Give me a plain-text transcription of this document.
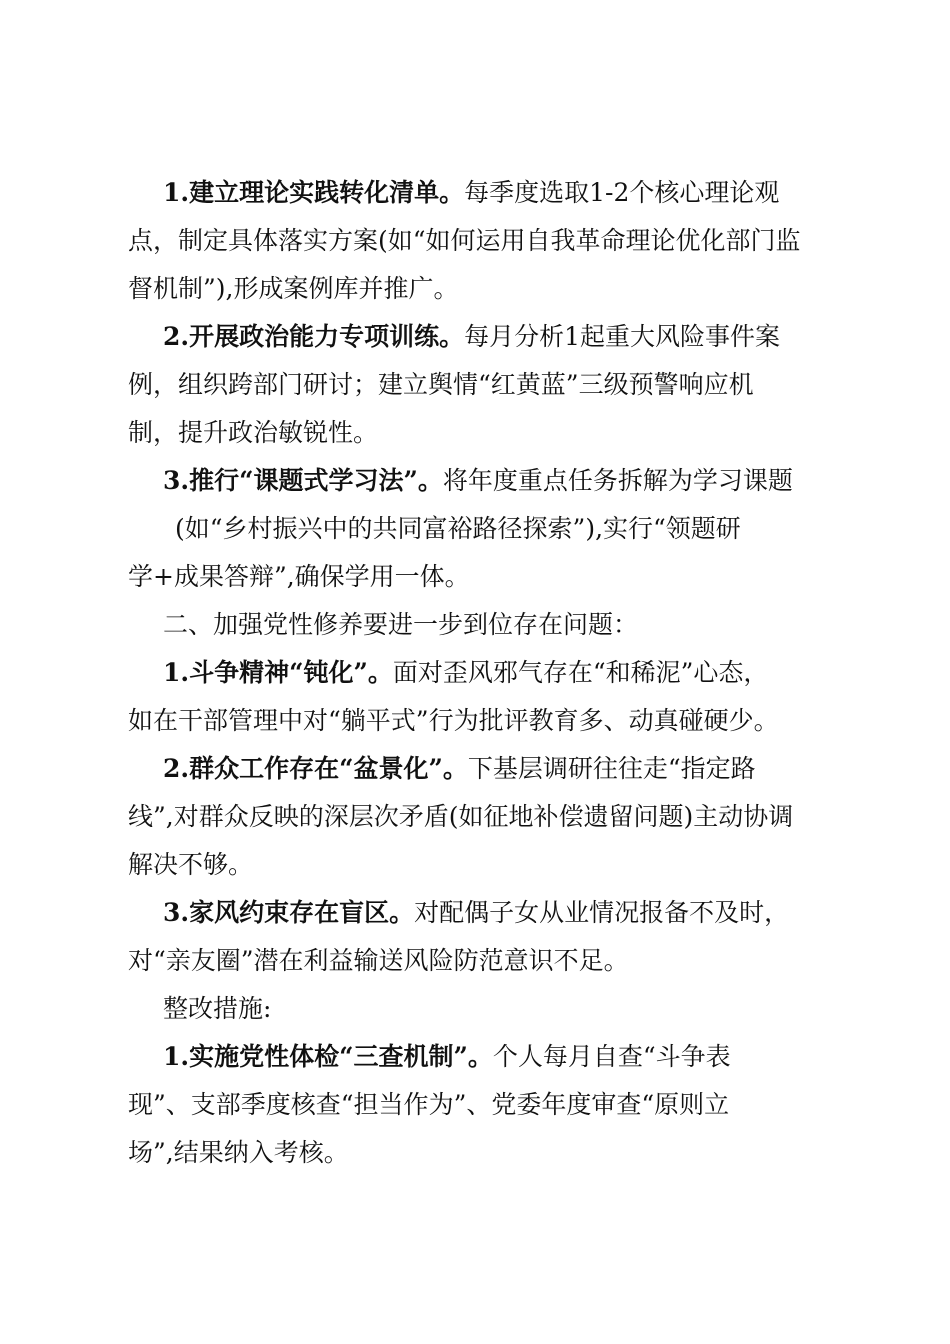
1.建立理论实践转化清单。每季度选取1-2个核心理论观
点，制定具体落实方案(如“如何运用自我革命理论优化部门监
督机制”),形成案例库并推广。
2.开展政治能力专项训练。每月分析1起重大风险事件案
例，组织跨部门研讨；建立舆情“红黄蓝”三级预警响应机
制，提升政治敏锐性。
3.推行“课题式学习法”。将年度重点任务拆解为学习课题
(如“乡村振兴中的共同富裕路径探索”),实行“领题研
学+成果答辩”,确保学用一体。
二、加强党性修养要进一步到位存在问题：
1.斗争精神“钝化”。面对歪风邪气存在“和稀泥”心态，
如在干部管理中对“躺平式”行为批评教育多、动真碰硬少。
2.群众工作存在“盆景化”。下基层调研往往走“指定路
线”,对群众反映的深层次矛盾(如征地补偿遗留问题)主动协调
解决不够。
3.家风约束存在盲区。对配偶子女从业情况报备不及时，
对“亲友圈”潜在利益输送风险防范意识不足。
整改措施:
1.实施党性体检“三查机制”。个人每月自查“斗争表
现”、支部季度核查“担当作为”、党委年度审查“原则立
场”,结果纳入考核。
